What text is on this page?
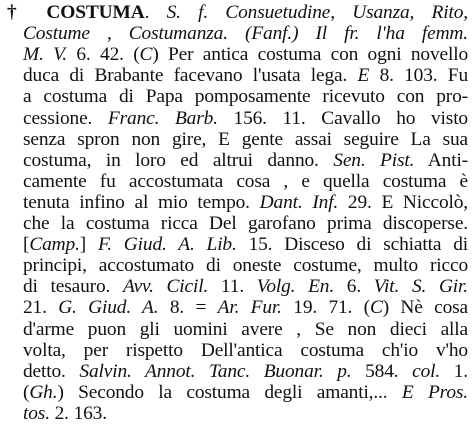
† COSTUMA. S. f. Consuetudine, Usanza, Rito,
Costume , Costumanza. (Fanf.) Il fr. l'ha femm.
M. V. 6. 42. (C) Per antica costuma con ogni novello
duca di Brabante facevano l'usata lega. E 8. 103. Fu
a costuma di Papa pomposamente ricevuto con pro-
cessione. Franc. Barb. 156. 11. Cavallo ho visto
senza spron non gire, E gente assai seguire La sua
costuma, in loro ed altrui danno. Sen. Pist. Anti-
camente fu accostumata cosa , e quella costuma è
tenuta infino al mio tempo. Dant. Inf. 29. E Niccolò,
che la costuma ricca Del garofano prima discoperse.
[Camp.] F. Giud. A. Lib. 15. Disceso di schiatta di
principi, accostumato di oneste costume, multo ricco
di tesauro. Avv. Cicil. 11. Volg. En. 6. Vit. S. Gir.
21. G. Giud. A. 8. = Ar. Fur. 19. 71. (C) Nè cosa
d'arme puon gli uomini avere , Se non dieci alla
volta, per rispetto Dell'antica costuma ch'io v'ho
detto. Salvin. Annot. Tanc. Buonar. p. 584. col. 1.
(Gh.) Secondo la costuma degli amanti,... E Pros.
tos. 2. 163.
